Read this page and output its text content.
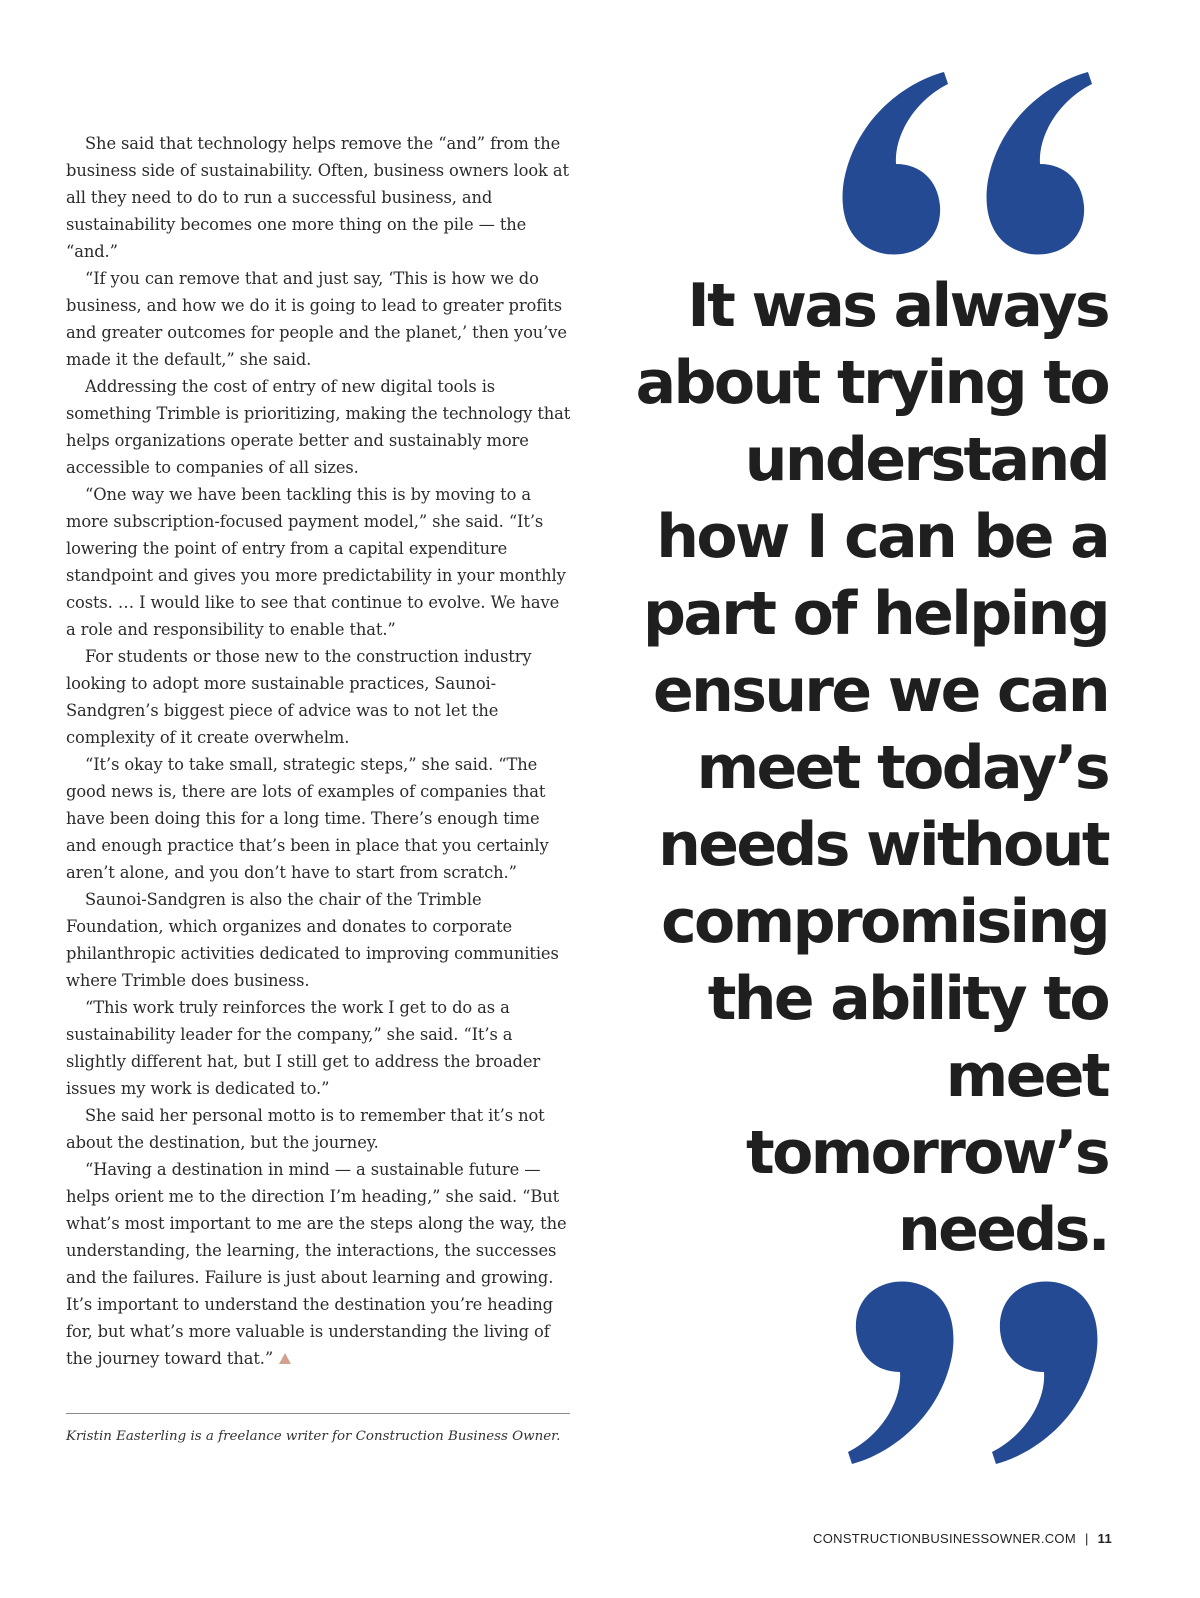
She said that technology helps remove the “and” from the business side of sustainability. Often, business owners look at all they need to do to run a successful business, and sustainability becomes one more thing on the pile — the “and.”

“If you can remove that and just say, ‘This is how we do business, and how we do it is going to lead to greater profits and greater outcomes for people and the planet,’ then you’ve made it the default,” she said.

Addressing the cost of entry of new digital tools is something Trimble is prioritizing, making the technology that helps organizations operate better and sustainably more accessible to companies of all sizes.

“One way we have been tackling this is by moving to a more subscription-focused payment model,” she said. “It’s lowering the point of entry from a capital expenditure standpoint and gives you more predictability in your monthly costs. … I would like to see that continue to evolve. We have a role and responsibility to enable that.”

For students or those new to the construction industry looking to adopt more sustainable practices, Saunoi-Sandgren’s biggest piece of advice was to not let the complexity of it create overwhelm.

“It’s okay to take small, strategic steps,” she said. “The good news is, there are lots of examples of companies that have been doing this for a long time. There’s enough time and enough practice that’s been in place that you certainly aren’t alone, and you don’t have to start from scratch.”

Saunoi-Sandgren is also the chair of the Trimble Foundation, which organizes and donates to corporate philanthropic activities dedicated to improving communities where Trimble does business.

“This work truly reinforces the work I get to do as a sustainability leader for the company,” she said. “It’s a slightly different hat, but I still get to address the broader issues my work is dedicated to.”

She said her personal motto is to remember that it’s not about the destination, but the journey.

“Having a destination in mind — a sustainable future — helps orient me to the direction I’m heading,” she said. “But what’s most important to me are the steps along the way, the understanding, the learning, the interactions, the successes and the failures. Failure is just about learning and growing. It’s important to understand the destination you’re heading for, but what’s more valuable is understanding the living of the journey toward that.”

Kristin Easterling is a freelance writer for Construction Business Owner.
It was always about trying to understand how I can be a part of helping ensure we can meet today’s needs without compromising the ability to meet tomorrow’s needs.
CONSTRUCTIONBUSINESSOWNER.COM | 11
